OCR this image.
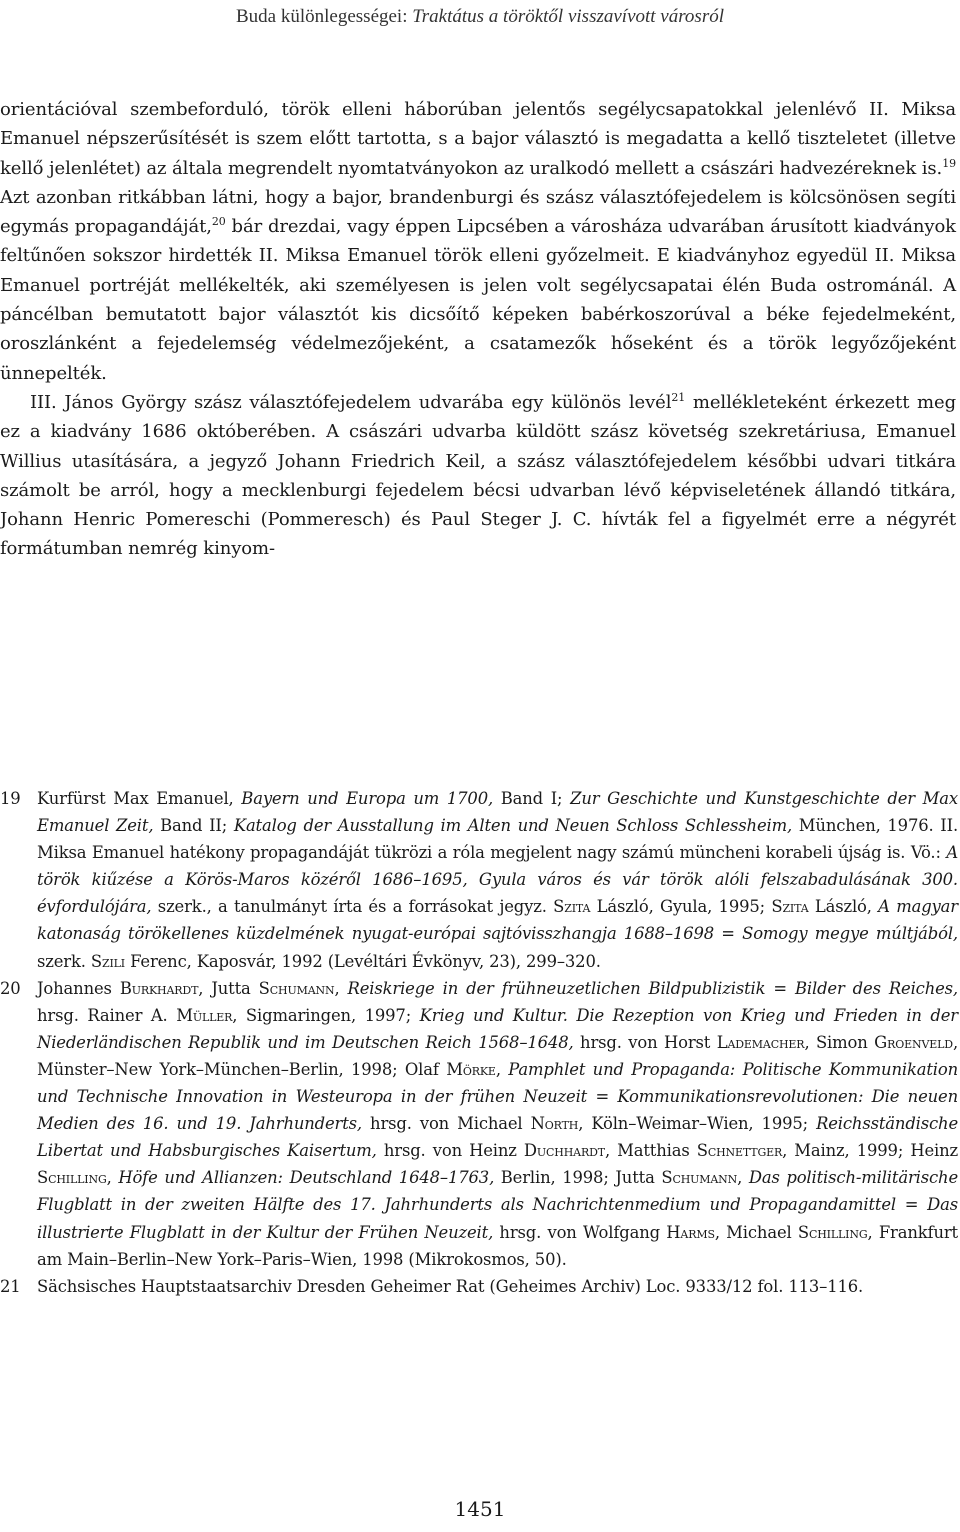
Buda különlegességei: Traktátus a töröktől visszavívott városról

orientációval szembeforduló, török elleni háborúban jelentős segélycsapatokkal jelenlévő II. Miksa Emanuel népszerűsítését is szem előtt tartotta, s a bajor választó is megadatta a kellő tiszteletet (illetve kellő jelenlétet) az általa megrendelt nyomtatványokon az uralkodó mellett a császári hadvezéreknek is.$^{19}$ Azt azonban ritkábban látni, hogy a bajor, brandenburgi és szász választófejedelem is kölcsönösen segíti egymás propagandáját,$^{20}$ bár drezdai, vagy éppen Lipcsében a városháza udvarában árusított kiadványok feltűnően sokszor hirdették II. Miksa Emanuel török elleni győzelmeit. E kiadványhoz egyedül II. Miksa Emanuel portréját mellékelték, aki személyesen is jelen volt segélycsapatai élén Buda ostrománál. A páncélban bemutatott bajor választót kis dicsőítő képeken babérkoszorúval a béke fejedelmeként, oroszlánként a fejedelemség védelmezőjeként, a csatamezők hőseként és a török legyőzőjeként ünnepelték.

III. János György szász választófejedelem udvarába egy különös levél$^{21}$ mellékleteként érkezett meg ez a kiadvány 1686 októberében. A császári udvarba küldött szász követség szekretáriusa, Emanuel Willius utasítására, a jegyző Johann Friedrich Keil, a szász választófejedelem későbbi udvari titkára számolt be arról, hogy a mecklenburgi fejedelem bécsi udvarban lévő képviseletének állandó titkára, Johann Henric Pomereschi (Pommeresch) és Paul Steger J. C. hívták fel a figyelmét erre a négyrét formátumban nemrég kinyom-

19 Kurfürst Max Emanuel, Bayern und Europa um 1700, Band I; Zur Geschichte und Kunstgeschichte der Max Emanuel Zeit, Band II; Katalog der Ausstallung im Alten und Neuen Schloss Schlessheim, München, 1976. II. Miksa Emanuel hatékony propagandáját tükrözi a róla megjelent nagy számú müncheni korabeli újság is. Vö.: A török kiűzése a Körös-Maros közéről 1686–1695, Gyula város és vár török alóli felszabadulásának 300. évfordulójára, szerk., a tanulmányt írta és a forrásokat jegyz. Szita László, Gyula, 1995; Szita László, A magyar katonaság törökellenes küzdelmének nyugat-európai sajtóvisszhangja 1688–1698 = Somogy megye múltjából, szerk. Szili Ferenc, Kaposvár, 1992 (Levéltári Évkönyv, 23), 299–320.
20 Johannes Burkhardt, Jutta Schumann, Reiskriege in der frühneuzetlichen Bildpublizistik = Bilder des Reiches, hrsg. Rainer A. Müller, Sigmaringen, 1997; Krieg und Kultur. Die Rezeption von Krieg und Frieden in der Niederländischen Republik und im Deutschen Reich 1568–1648, hrsg. von Horst Lademacher, Simon Groenveld, Münster–New York–München–Berlin, 1998; Olaf Mörke, Pamphlet und Propaganda: Politische Kommunikation und Technische Innovation in Westeuropa in der frühen Neuzeit = Kommunikationsrevolutionen: Die neuen Medien des 16. und 19. Jahrhunderts, hrsg. von Michael North, Köln–Weimar–Wien, 1995; Reichsständische Libertat und Habsburgisches Kaisertum, hrsg. von Heinz Duchhardt, Matthias Schnettger, Mainz, 1999; Heinz Schilling, Höfe und Allianzen: Deutschland 1648–1763, Berlin, 1998; Jutta Schumann, Das politisch-militärische Flugblatt in der zweiten Hälfte des 17. Jahrhunderts als Nachrichtenmedium und Propagandamittel = Das illustrierte Flugblatt in der Kultur der Frühen Neuzeit, hrsg. von Wolfgang Harms, Michael Schilling, Frankfurt am Main–Berlin–New York–Paris–Wien, 1998 (Mikrokosmos, 50).
21 Sächsisches Hauptstaatsarchiv Dresden Geheimer Rat (Geheimes Archiv) Loc. 9333/12 fol. 113–116.
1451
